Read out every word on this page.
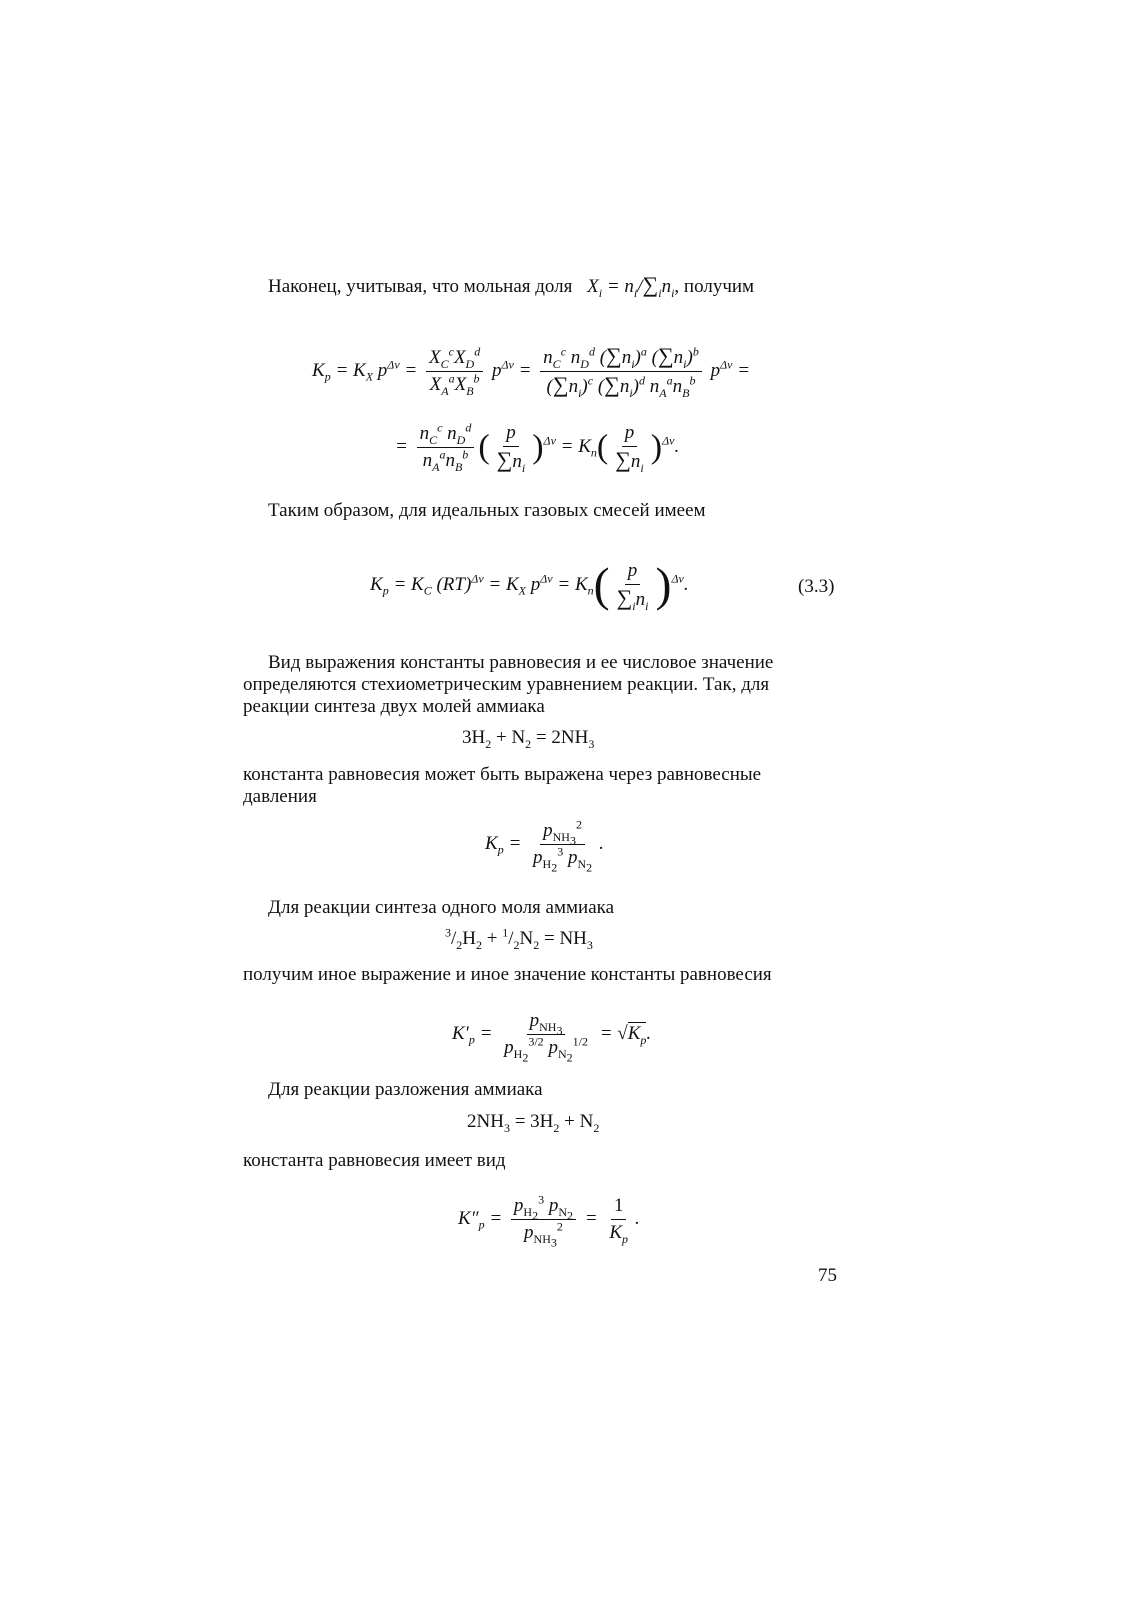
Наконец, учитывая, что мольная доля $X_i = n_i/\sum_in_i$, получим
$K_p = K_X$ $p^{\Delta\nu} = \frac{X_C^cX_D^d}{X_A^aX_B^b} p^{\Delta\nu} = \frac{n_C^c n_D^d (\sum n_i)^a (\sum n_i)^b}{(\sum n_i)^c (\sum n_i)^d n_A^an_B^b} p^{\Delta\nu}$ =
= $\frac{n_C^c n_D^d}{n_A^an_B^b}$ ( $\frac{p}{\sum n_i} )^{\Delta\nu} = K_n( \frac{p}{\sum n_i} )^{\Delta\nu}$.
Таким образом, для идеальных газовых смесей имеем
$K_p = K_C$ $(RT)^{\Delta\nu} = K_X$ $p^{\Delta\nu} = K_n( \frac{p}{\sum_in_i} )^{\Delta\nu}$.	(3.3)
Вид выражения константы равновесия и ее числовое значение
определяются стехиометрическим уравнением реакции. Так, для
реакции синтеза двух молей аммиака
$3H_2 + N_2 = 2NH_3$
константа равновесия может быть выражена через равновесные
давления
$K_p = \frac{p_{NH_3}^2}{p_{H_2}^3 p_{N_2}}$ .
Для реакции синтеза одного моля аммиака
$^3/_2H_2 + ^1/_2N_2 = NH_3$
получим иное выражение и иное значение константы равновесия
$K'_p = \frac{p_{NH_3}}{p_{H_2}^{3/2} p_{N_2}^{1/2}} = √K_p$.
Для реакции разложения аммиака
$2NH_3 = 3H_2 + N_2$
константа равновесия имеет вид
$K''_p = \frac{p_{H_2}^3 p_{N_2}}{p_{NH_3}^2} = \frac{1}{K_p}$ .
75
